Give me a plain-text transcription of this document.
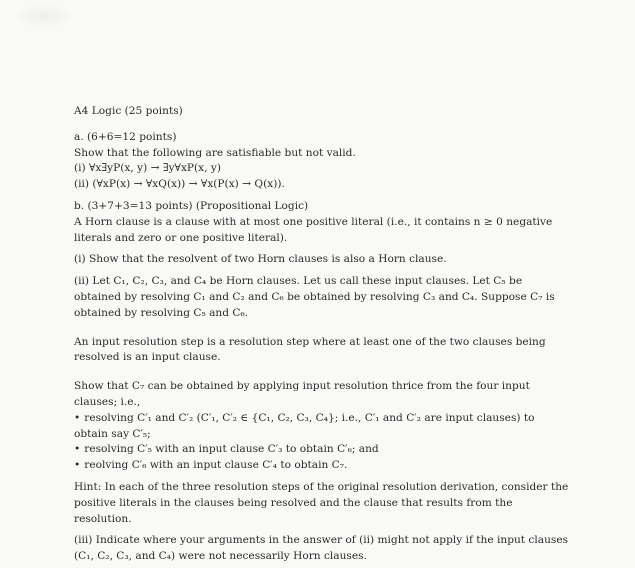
A4 Logic (25 points)

a. (6+6=12 points)

Show that the following are satisfiable but not valid.

(i) ∀x∃yP(x, y) → ∃y∀xP(x, y)

(ii) (∀xP(x) → ∀xQ(x)) → ∀x(P(x) → Q(x)).

b. (3+7+3=13 points) (Propositional Logic)

A Horn clause is a clause with at most one positive literal (i.e., it contains n ≥ 0 negative literals and zero or one positive literal).

(i) Show that the resolvent of two Horn clauses is also a Horn clause.

(ii) Let C₁, C₂, C₃, and C₄ be Horn clauses. Let us call these input clauses. Let C₅ be obtained by resolving C₁ and C₂ and C₆ be obtained by resolving C₃ and C₄. Suppose C₇ is obtained by resolving C₅ and C₆.

An input resolution step is a resolution step where at least one of the two clauses being resolved is an input clause.

Show that C₇ can be obtained by applying input resolution thrice from the four input clauses; i.e.,

• resolving C′₁ and C′₂ (C′₁, C′₂ ∈ {C₁, C₂, C₃, C₄}; i.e., C′₁ and C′₂ are input clauses) to obtain say C′₅;

• resolving C′₅ with an input clause C′₃ to obtain C′₆; and

• reolving C′₆ with an input clause C′₄ to obtain C₇.

Hint: In each of the three resolution steps of the original resolution derivation, consider the positive literals in the clauses being resolved and the clause that results from the resolution.

(iii) Indicate where your arguments in the answer of (ii) might not apply if the input clauses (C₁, C₂, C₃, and C₄) were not necessarily Horn clauses.
